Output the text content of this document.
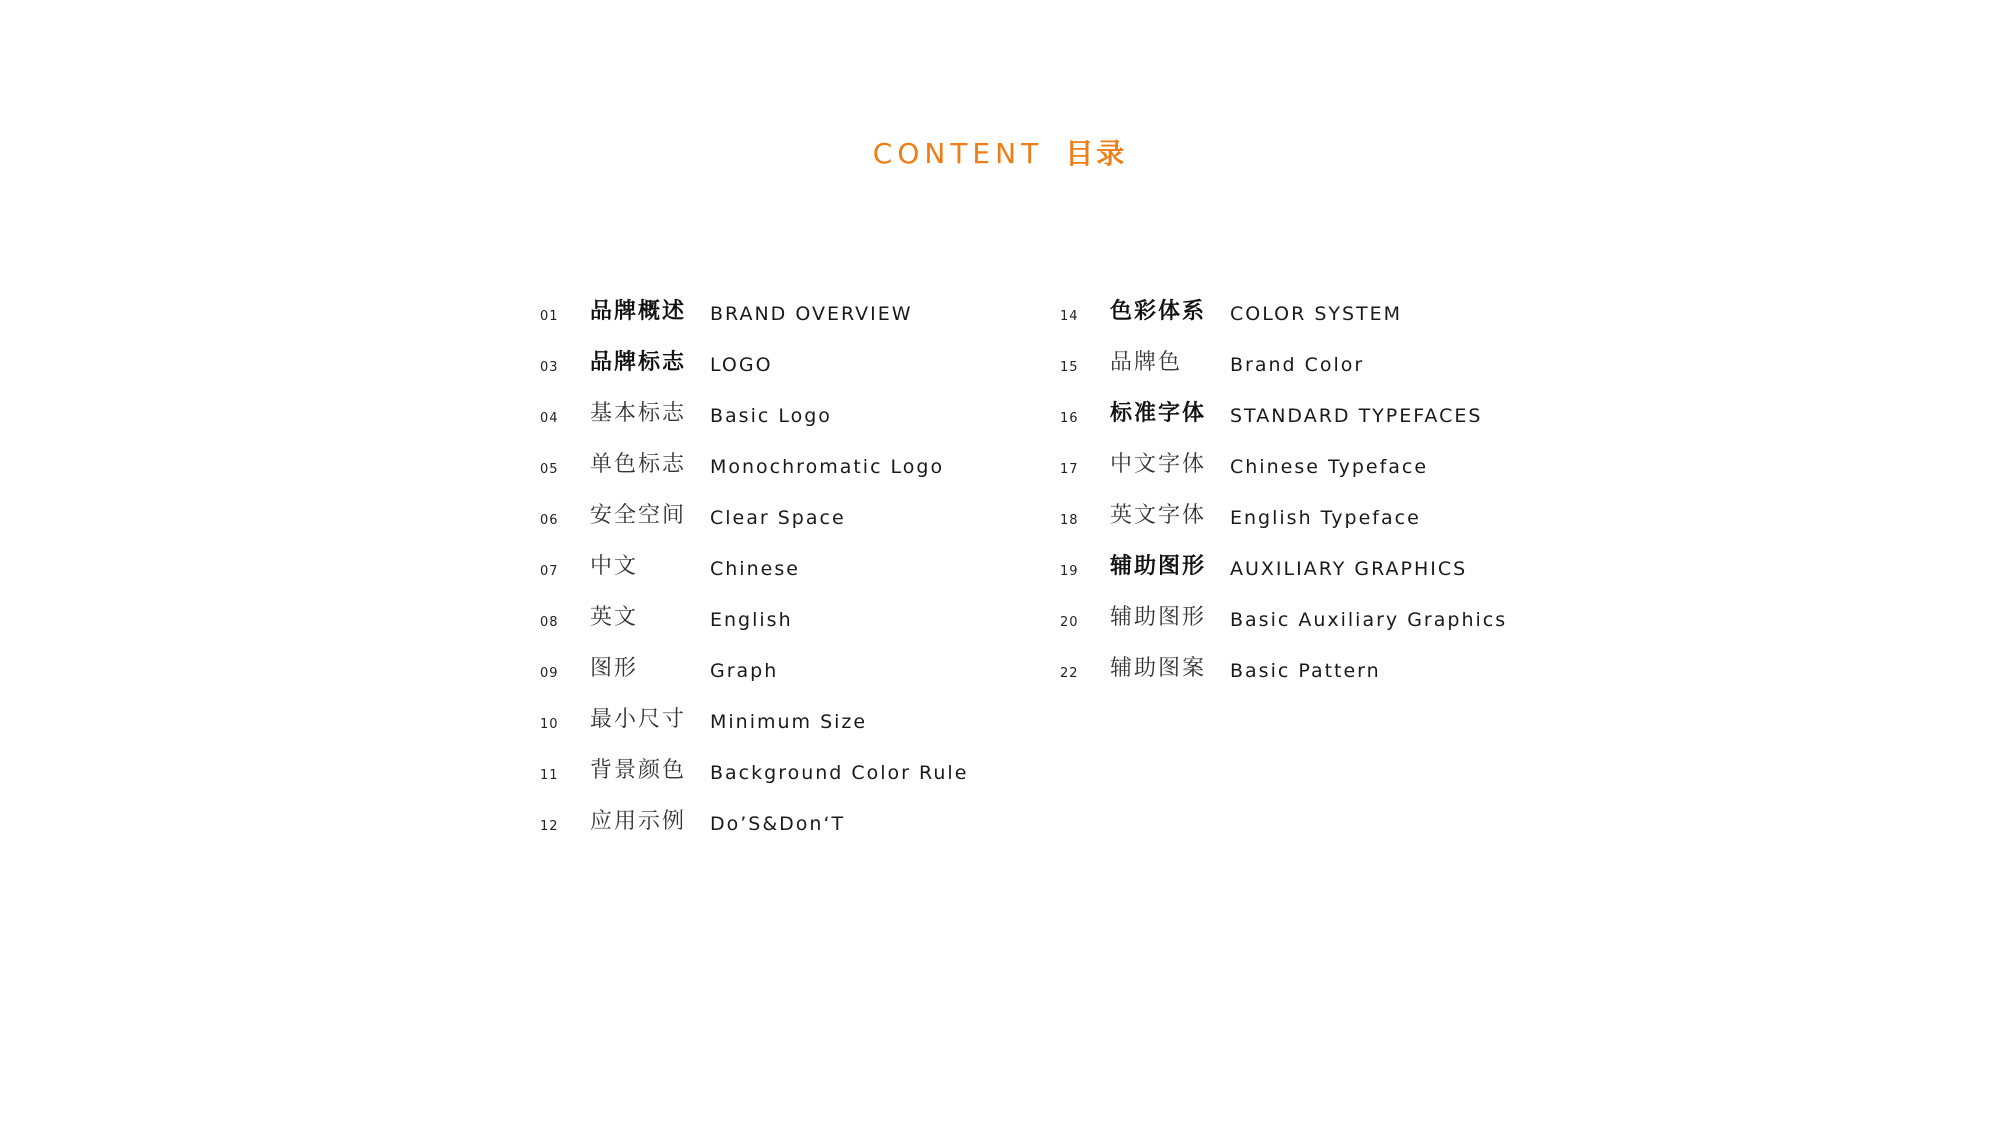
CONTENT 目录
01 品牌概述 BRAND OVERVIEW
03 品牌标志 LOGO
04 基本标志 Basic Logo
05 单色标志 Monochromatic Logo
06 安全空间 Clear Space
07 中文	Chinese
08 英文	English
09 图形	Graph
10 最小尺寸 Minimum Size
11 背景颜色 Background Color Rule
12 应用示例 Do’S&Don‘T
14 色彩体系 COLOR SYSTEM
15 品牌色	Brand Color
16 标准字体 STANDARD TYPEFACES
17 中文字体 Chinese Typeface
18 英文字体 English Typeface
19 辅助图形 AUXILIARY GRAPHICS
20 辅助图形 Basic Auxiliary Graphics
22 辅助图案 Basic Pattern
